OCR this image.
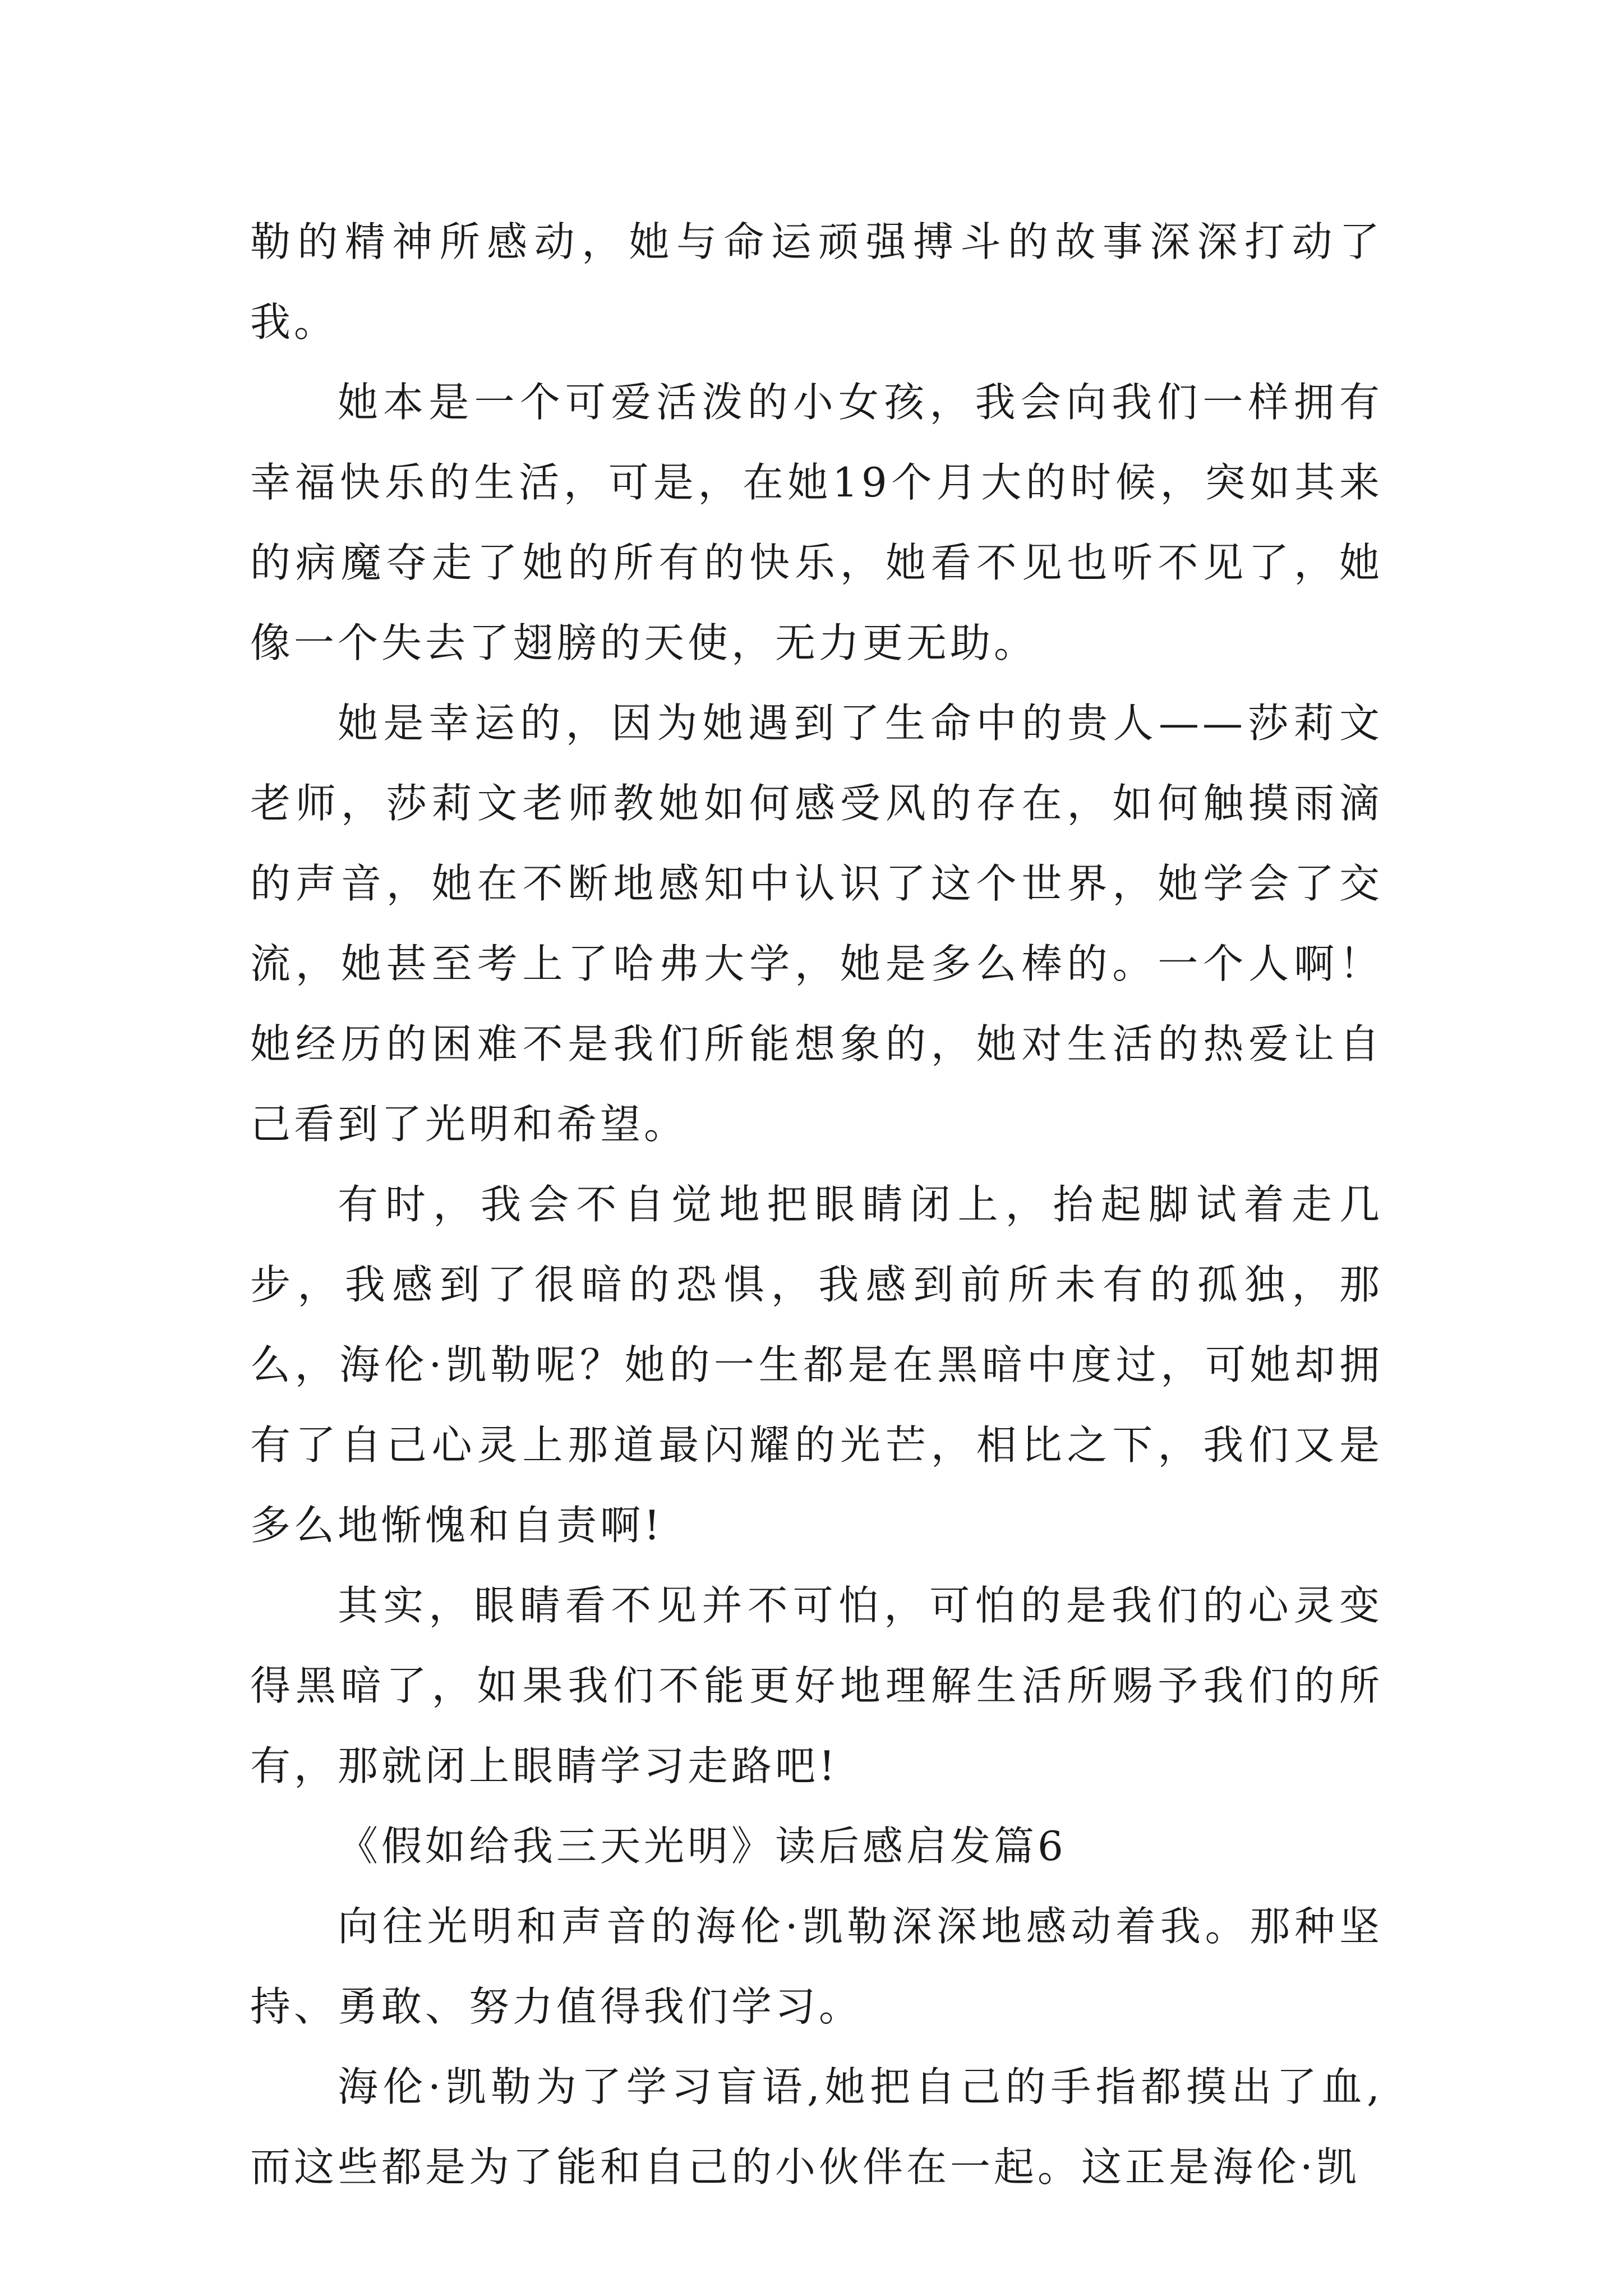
勒的精神所感动，她与命运顽强搏斗的故事深深打动了我。

她本是一个可爱活泼的小女孩，我会向我们一样拥有幸福快乐的生活，可是，在她19个月大的时候，突如其来的病魔夺走了她的所有的快乐，她看不见也听不见了，她像一个失去了翅膀的天使，无力更无助。

她是幸运的，因为她遇到了生命中的贵人——莎莉文老师，莎莉文老师教她如何感受风的存在，如何触摸雨滴的声音，她在不断地感知中认识了这个世界，她学会了交流，她甚至考上了哈弗大学，她是多么棒的。一个人啊！她经历的困难不是我们所能想象的，她对生活的热爱让自己看到了光明和希望。

有时，我会不自觉地把眼睛闭上，抬起脚试着走几步，我感到了很暗的恐惧，我感到前所未有的孤独，那么，海伦·凯勒呢？她的一生都是在黑暗中度过，可她却拥有了自己心灵上那道最闪耀的光芒，相比之下，我们又是多么地惭愧和自责啊!

其实，眼睛看不见并不可怕，可怕的是我们的心灵变得黑暗了，如果我们不能更好地理解生活所赐予我们的所有，那就闭上眼睛学习走路吧!

《假如给我三天光明》读后感启发篇6

向往光明和声音的海伦·凯勒深深地感动着我。那种坚持、勇敢、努力值得我们学习。

海伦·凯勒为了学习盲语,她把自己的手指都摸出了血,而这些都是为了能和自己的小伙伴在一起。这正是海伦·凯
